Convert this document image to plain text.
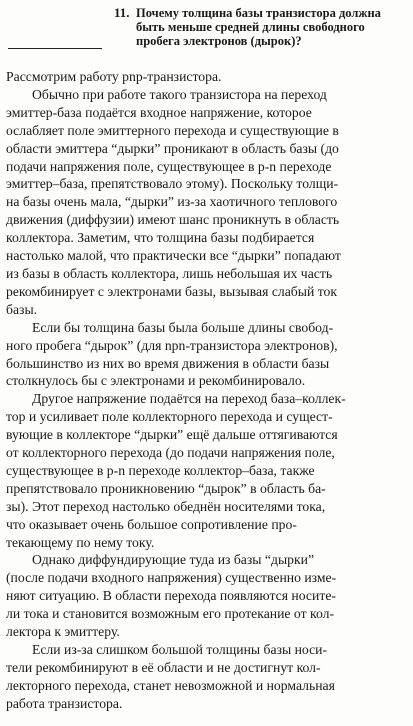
11. Почему толщина базы транзистора должна быть меньше средней длины свободного пробега электронов (дырок)?
Рассмотрим работу pnp-транзистора.
Обычно при работе такого транзистора на переход
эмиттер-база подаётся входное напряжение, которое
ослабляет поле эмиттерного перехода и существующие в
области эмиттера “дырки” проникают в область базы (до
подачи напряжения поле, существующее в p-n переходе
эмиттер–база, препятствовало этому). Поскольку толщи-
на базы очень мала, “дырки” из-за хаотичного теплового
движения (диффузии) имеют шанс проникнуть в область
коллектора. Заметим, что толщина базы подбирается
настолько малой, что практически все “дырки” попадают
из базы в область коллектора, лишь небольшая их часть
рекомбинирует с электронами базы, вызывая слабый ток
базы.
Если бы толщина базы была больше длины свобод-
ного пробега “дырок” (для npn-транзистора электронов),
большинство из них во время движения в области базы
столкнулось бы с электронами и рекомбинировало.
Другое напряжение подаётся на переход база–коллек-
тор и усиливает поле коллекторного перехода и сущест-
вующие в коллекторе “дырки” ещё дальше оттягиваются
от коллекторного перехода (до подачи напряжения поле,
существующее в p-n переходе коллектор–база, также
препятствовало проникновению “дырок” в область ба-
зы). Этот переход настолько обеднён носителями тока,
что оказывает очень большое сопротивление про-
текающему по нему току.
Однако диффундирующие туда из базы “дырки”
(после подачи входного напряжения) существенно изме-
няют ситуацию. В области перехода появляются носите-
ли тока и становится возможным его протекание от кол-
лектора к эмиттеру.
Если из-за слишком большой толщины базы носи-
тели рекомбинируют в её области и не достигнут кол-
лекторного перехода, станет невозможной и нормальная
работа транзистора.
